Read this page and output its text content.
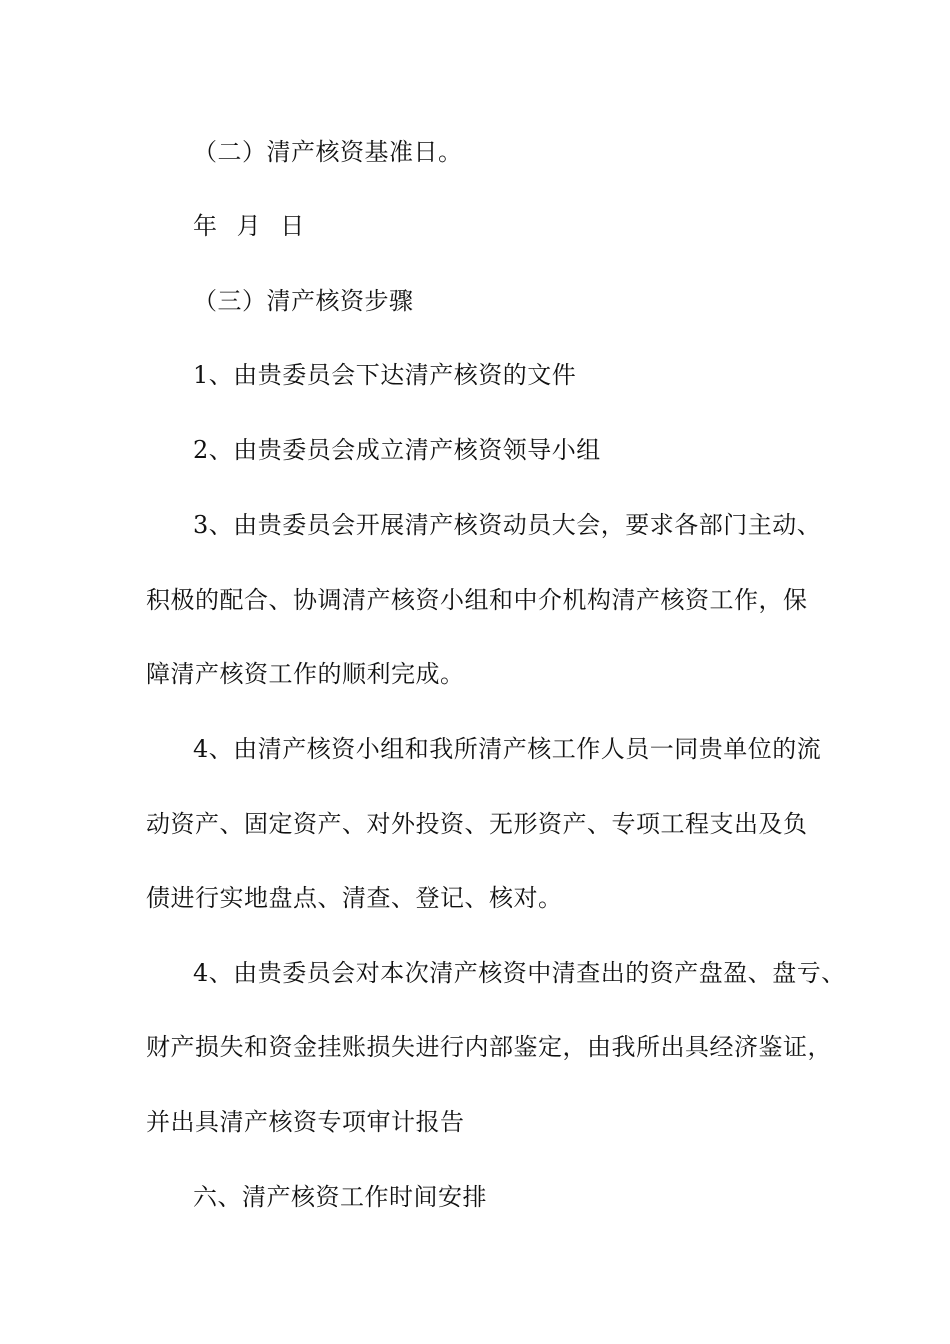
（二）清产核资基准日。
年 月 日
（三）清产核资步骤
1、由贵委员会下达清产核资的文件
2、由贵委员会成立清产核资领导小组
3、由贵委员会开展清产核资动员大会，要求各部门主动、
积极的配合、协调清产核资小组和中介机构清产核资工作，保
障清产核资工作的顺利完成。
4、由清产核资小组和我所清产核工作人员一同贵单位的流
动资产、固定资产、对外投资、无形资产、专项工程支出及负
债进行实地盘点、清查、登记、核对。
4、由贵委员会对本次清产核资中清查出的资产盘盈、盘亏、
财产损失和资金挂账损失进行内部鉴定，由我所出具经济鉴证，
并出具清产核资专项审计报告
六、清产核资工作时间安排
